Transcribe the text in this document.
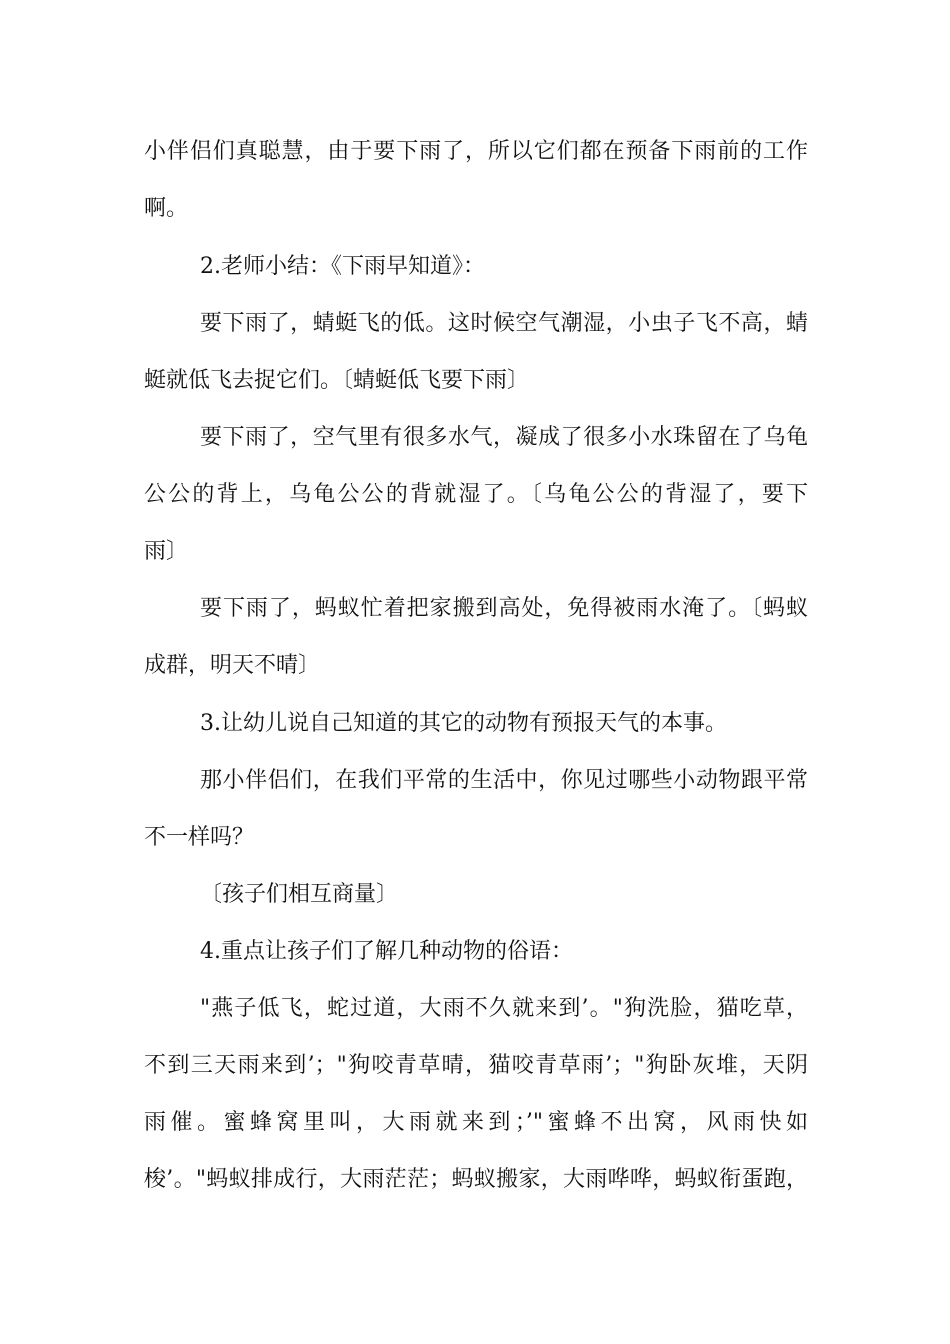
小伴侣们真聪慧，由于要下雨了，所以它们都在预备下雨前的工作
啊。
2.老师小结：《下雨早知道》：
要下雨了，蜻蜓飞的低。这时候空气潮湿，小虫子飞不高，蜻
蜓就低飞去捉它们。〔蜻蜓低飞要下雨〕
要下雨了，空气里有很多水气，凝成了很多小水珠留在了乌龟
公公的背上，乌龟公公的背就湿了。〔乌龟公公的背湿了，要下
雨〕
要下雨了，蚂蚁忙着把家搬到高处，免得被雨水淹了。〔蚂蚁
成群，明天不晴〕
3.让幼儿说自己知道的其它的动物有预报天气的本事。
那小伴侣们，在我们平常的生活中，你见过哪些小动物跟平常
不一样吗？
〔孩子们相互商量〕
4.重点让孩子们了解几种动物的俗语：
"燕子低飞，蛇过道，大雨不久就来到’。"狗洗脸，猫吃草，
不到三天雨来到’；"狗咬青草晴，猫咬青草雨’；"狗卧灰堆，天阴
雨催。蜜蜂窝里叫，大雨就来到；’"蜜蜂不出窝，风雨快如
梭’。"蚂蚁排成行，大雨茫茫；蚂蚁搬家，大雨哗哗，蚂蚁衔蛋跑，
